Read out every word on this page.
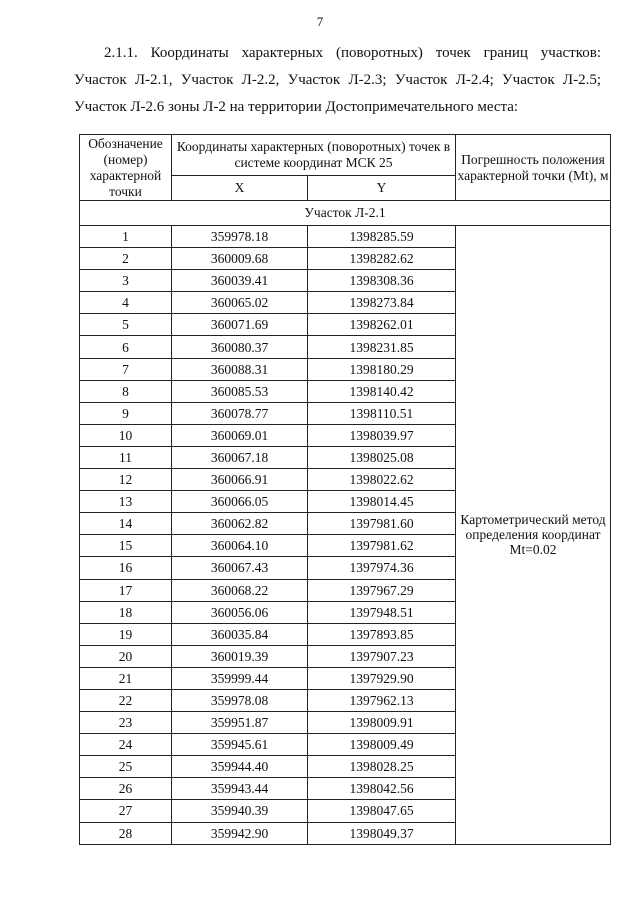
7

2.1.1. Координаты характерных (поворотных) точек границ участков: Участок Л-2.1, Участок Л-2.2, Участок Л-2.3; Участок Л-2.4; Участок Л-2.5; Участок Л-2.6 зоны Л-2 на территории Достопримечательного места:

Обозначение (номер) характерной точки	Координаты характерных (поворотных) точек в системе координат МСК 25		Погрешность положения характерной точки (Mt), м
	X	Y	
Участок Л-2.1			
1	359978.18	1398285.59	Картометрический метод определения координат
Mt=0.02

2	360009.68	1398282.62	
3	360039.41	1398308.36	
4	360065.02	1398273.84	
5	360071.69	1398262.01	
6	360080.37	1398231.85	
7	360088.31	1398180.29	
8	360085.53	1398140.42	
9	360078.77	1398110.51	
10	360069.01	1398039.97	
11	360067.18	1398025.08	
12	360066.91	1398022.62	
13	360066.05	1398014.45	
14	360062.82	1397981.60	
15	360064.10	1397981.62	
16	360067.43	1397974.36	
17	360068.22	1397967.29	
18	360056.06	1397948.51	
19	360035.84	1397893.85	
20	360019.39	1397907.23	
21	359999.44	1397929.90	
22	359978.08	1397962.13	
23	359951.87	1398009.91	
24	359945.61	1398009.49	
25	359944.40	1398028.25	
26	359943.44	1398042.56	
27	359940.39	1398047.65	
28	359942.90	1398049.37	
